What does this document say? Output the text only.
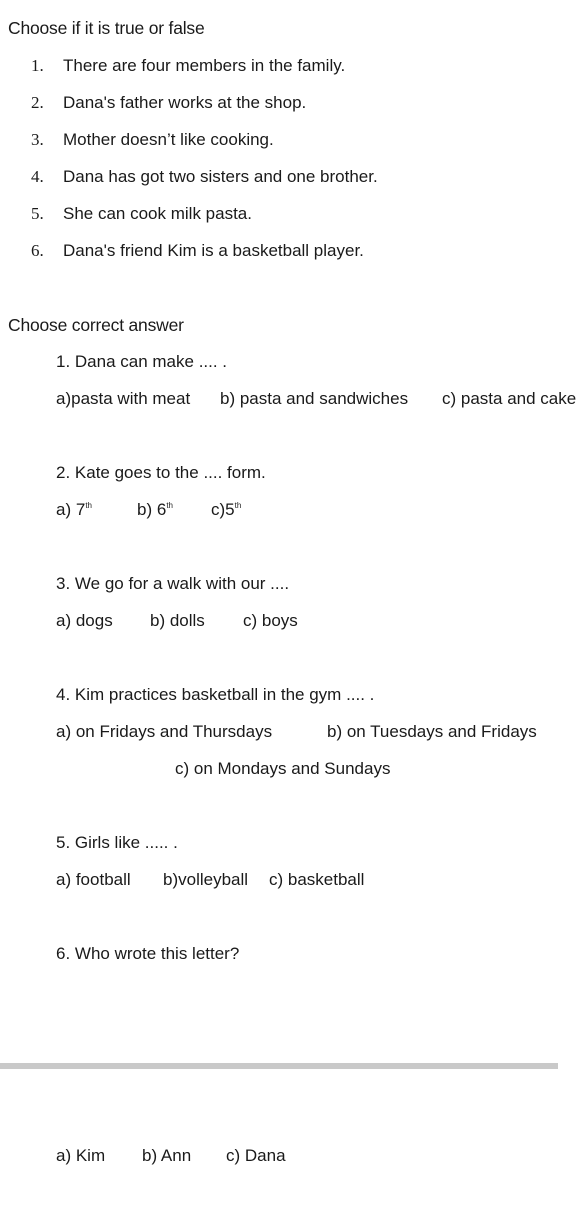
Choose if it is true or false
1. There are four members in the family.
2. Dana's father works at the shop.
3. Mother doesn’t like cooking.
4. Dana has got two sisters and one brother.
5. She can cook milk pasta.
6. Dana's friend Kim is a basketball player.
Choose correct answer
1. Dana can make .... .
a)pasta with meat b) pasta and sandwiches c) pasta and cake
2. Kate goes to the .... form.
a) 7th	b) 6th c)5th
3. We go for a walk with our ....
a) dogs b) dolls c) boys
4. Kim practices basketball in the gym .... .
a) on Fridays and Thursdays	b) on Tuesdays and Fridays
c) on Mondays and Sundays
5. Girls like ..... .
a) football b)volleyball c) basketball
6. Who wrote this letter?
a) Kim b) Ann c) Dana
